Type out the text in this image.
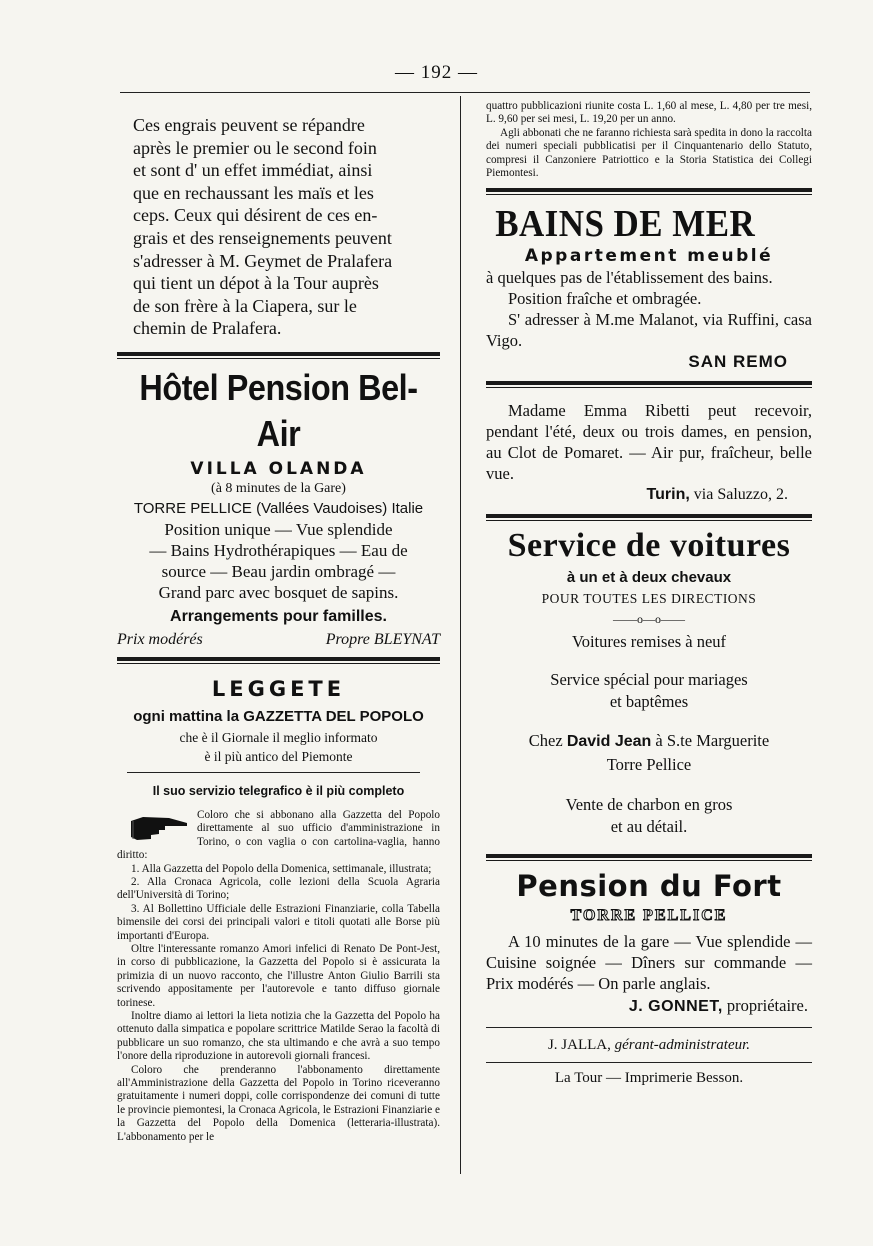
— 192 —
Ces engrais peuvent se répandre
après le premier ou le second foin
et sont d' un effet immédiat, ainsi
que en rechaussant les maïs et les
ceps. Ceux qui désirent de ces en-
grais et des renseignements peuvent
s'adresser à M. Geymet de Pralafera
qui tient un dépot à la Tour auprès
de son frère à la Ciapera, sur le
chemin de Pralafera.
Hôtel Pension Bel-Air
VILLA OLANDA
(à 8 minutes de la Gare)
TORRE PELLICE (Vallées Vaudoises) Italie
Position unique — Vue splendide
— Bains Hydrothérapiques — Eau de
source — Beau jardin ombragé —
Grand parc avec bosquet de sapins.
Arrangements pour familles.
Prix modérés	Propre BLEYNAT
LEGGETE
ogni mattina la GAZZETTA DEL POPOLO
che è il Giornale il meglio informato
è il più antico del Piemonte
Il suo servizio telegrafico è il più completo

Coloro che si abbonano alla Gazzetta del Popolo direttamente al suo ufficio d'amministrazione in Torino, o con vaglia o con cartolina-vaglia, hanno diritto:

1. Alla Gazzetta del Popolo della Domenica, settimanale, illustrata;

2. Alla Cronaca Agricola, colle lezioni della Scuola Agraria dell'Università di Torino;

3. Al Bollettino Ufficiale delle Estrazioni Finanziarie, colla Tabella bimensile dei corsi dei principali valori e titoli quotati alle Borse più importanti d'Europa.

Oltre l'interessante romanzo Amori infelici di Renato De Pont-Jest, in corso di pubblicazione, la Gazzetta del Popolo si è assicurata la primizia di un nuovo racconto, che l'illustre Anton Giulio Barrili sta scrivendo appositamente per l'autorevole e tanto diffuso giornale torinese.

Inoltre diamo ai lettori la lieta notizia che la Gazzetta del Popolo ha ottenuto dalla simpatica e popolare scrittrice Matilde Serao la facoltà di pubblicare un suo romanzo, che sta ultimando e che avrà a suo tempo l'onore della riproduzione in autorevoli giornali francesi.

Coloro che prenderanno l'abbonamento direttamente all'Amministrazione della Gazzetta del Popolo in Torino riceveranno gratuitamente i numeri doppi, colle corrispondenze dei comuni di tutte le provincie piemontesi, la Cronaca Agricola, le Estrazioni Finanziarie e la Gazzetta del Popolo della Domenica (letteraria-illustrata). L'abbonamento per le

quattro pubblicazioni riunite costa L. 1,60 al mese, L. 4,80 per tre mesi, L. 9,60 per sei mesi, L. 19,20 per un anno.

Agli abbonati che ne faranno richiesta sarà spedita in dono la raccolta dei numeri speciali pubblicatisi per il Cinquantenario dello Statuto, compresi il Canzoniere Patriottico e la Storia Statistica dei Collegi Piemontesi.

BAINS DE MER
Appartement meublé
à quelques pas de l'établissement des bains.
Position fraîche et ombragée.
S' adresser à M.me Malanot, via Ruffini, casa Vigo.
SAN REMO
Madame Emma Ribetti peut recevoir, pendant l'été, deux ou trois dames, en pension, au Clot de Pomaret. — Air pur, fraîcheur, belle vue.
Turin, via Saluzzo, 2.
Service de voitures
à un et à deux chevaux
POUR TOUTES LES DIRECTIONS
——o—o——
Voitures remises à neuf
Service spécial pour mariages
et baptêmes
Chez David Jean à S.te Marguerite
Torre Pellice
Vente de charbon en gros
et au détail.
Pension du Fort
TORRE PELLICE
A 10 minutes de la gare — Vue splendide — Cuisine soignée — Dîners sur commande — Prix modérés — On parle anglais.
J. GONNET, propriétaire.
J. JALLA, gérant-administrateur.
La Tour — Imprimerie Besson.
